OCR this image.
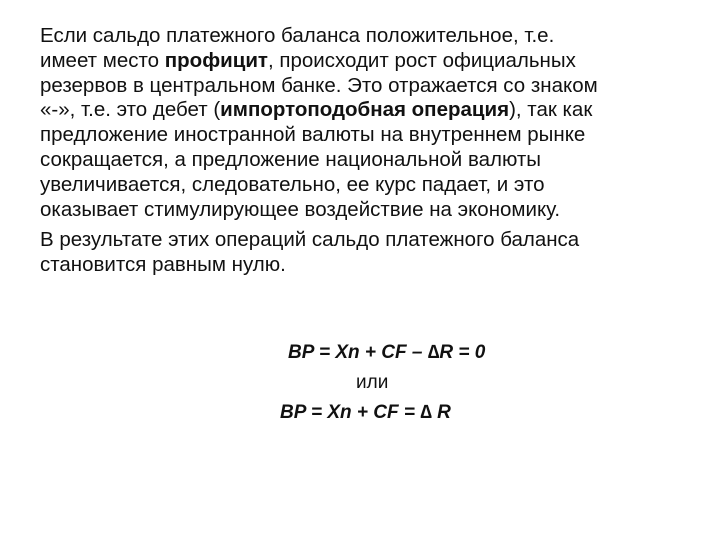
Если сальдо платежного баланса положительное, т.е.
имеет место профицит, происходит рост официальных
резервов в центральном банке. Это отражается со знаком
«-», т.е. это дебет (импортоподобная операция), так как
предложение иностранной валюты на внутреннем рынке
сокращается, а предложение национальной валюты
увеличивается, следовательно, ее курс падает, и это
оказывает стимулирующее воздействие на экономику.

В результате этих операций сальдо платежного баланса
становится равным нулю.

BP = Xn + CF – ∆R = 0
или
BP = Xn + CF = ∆ R
